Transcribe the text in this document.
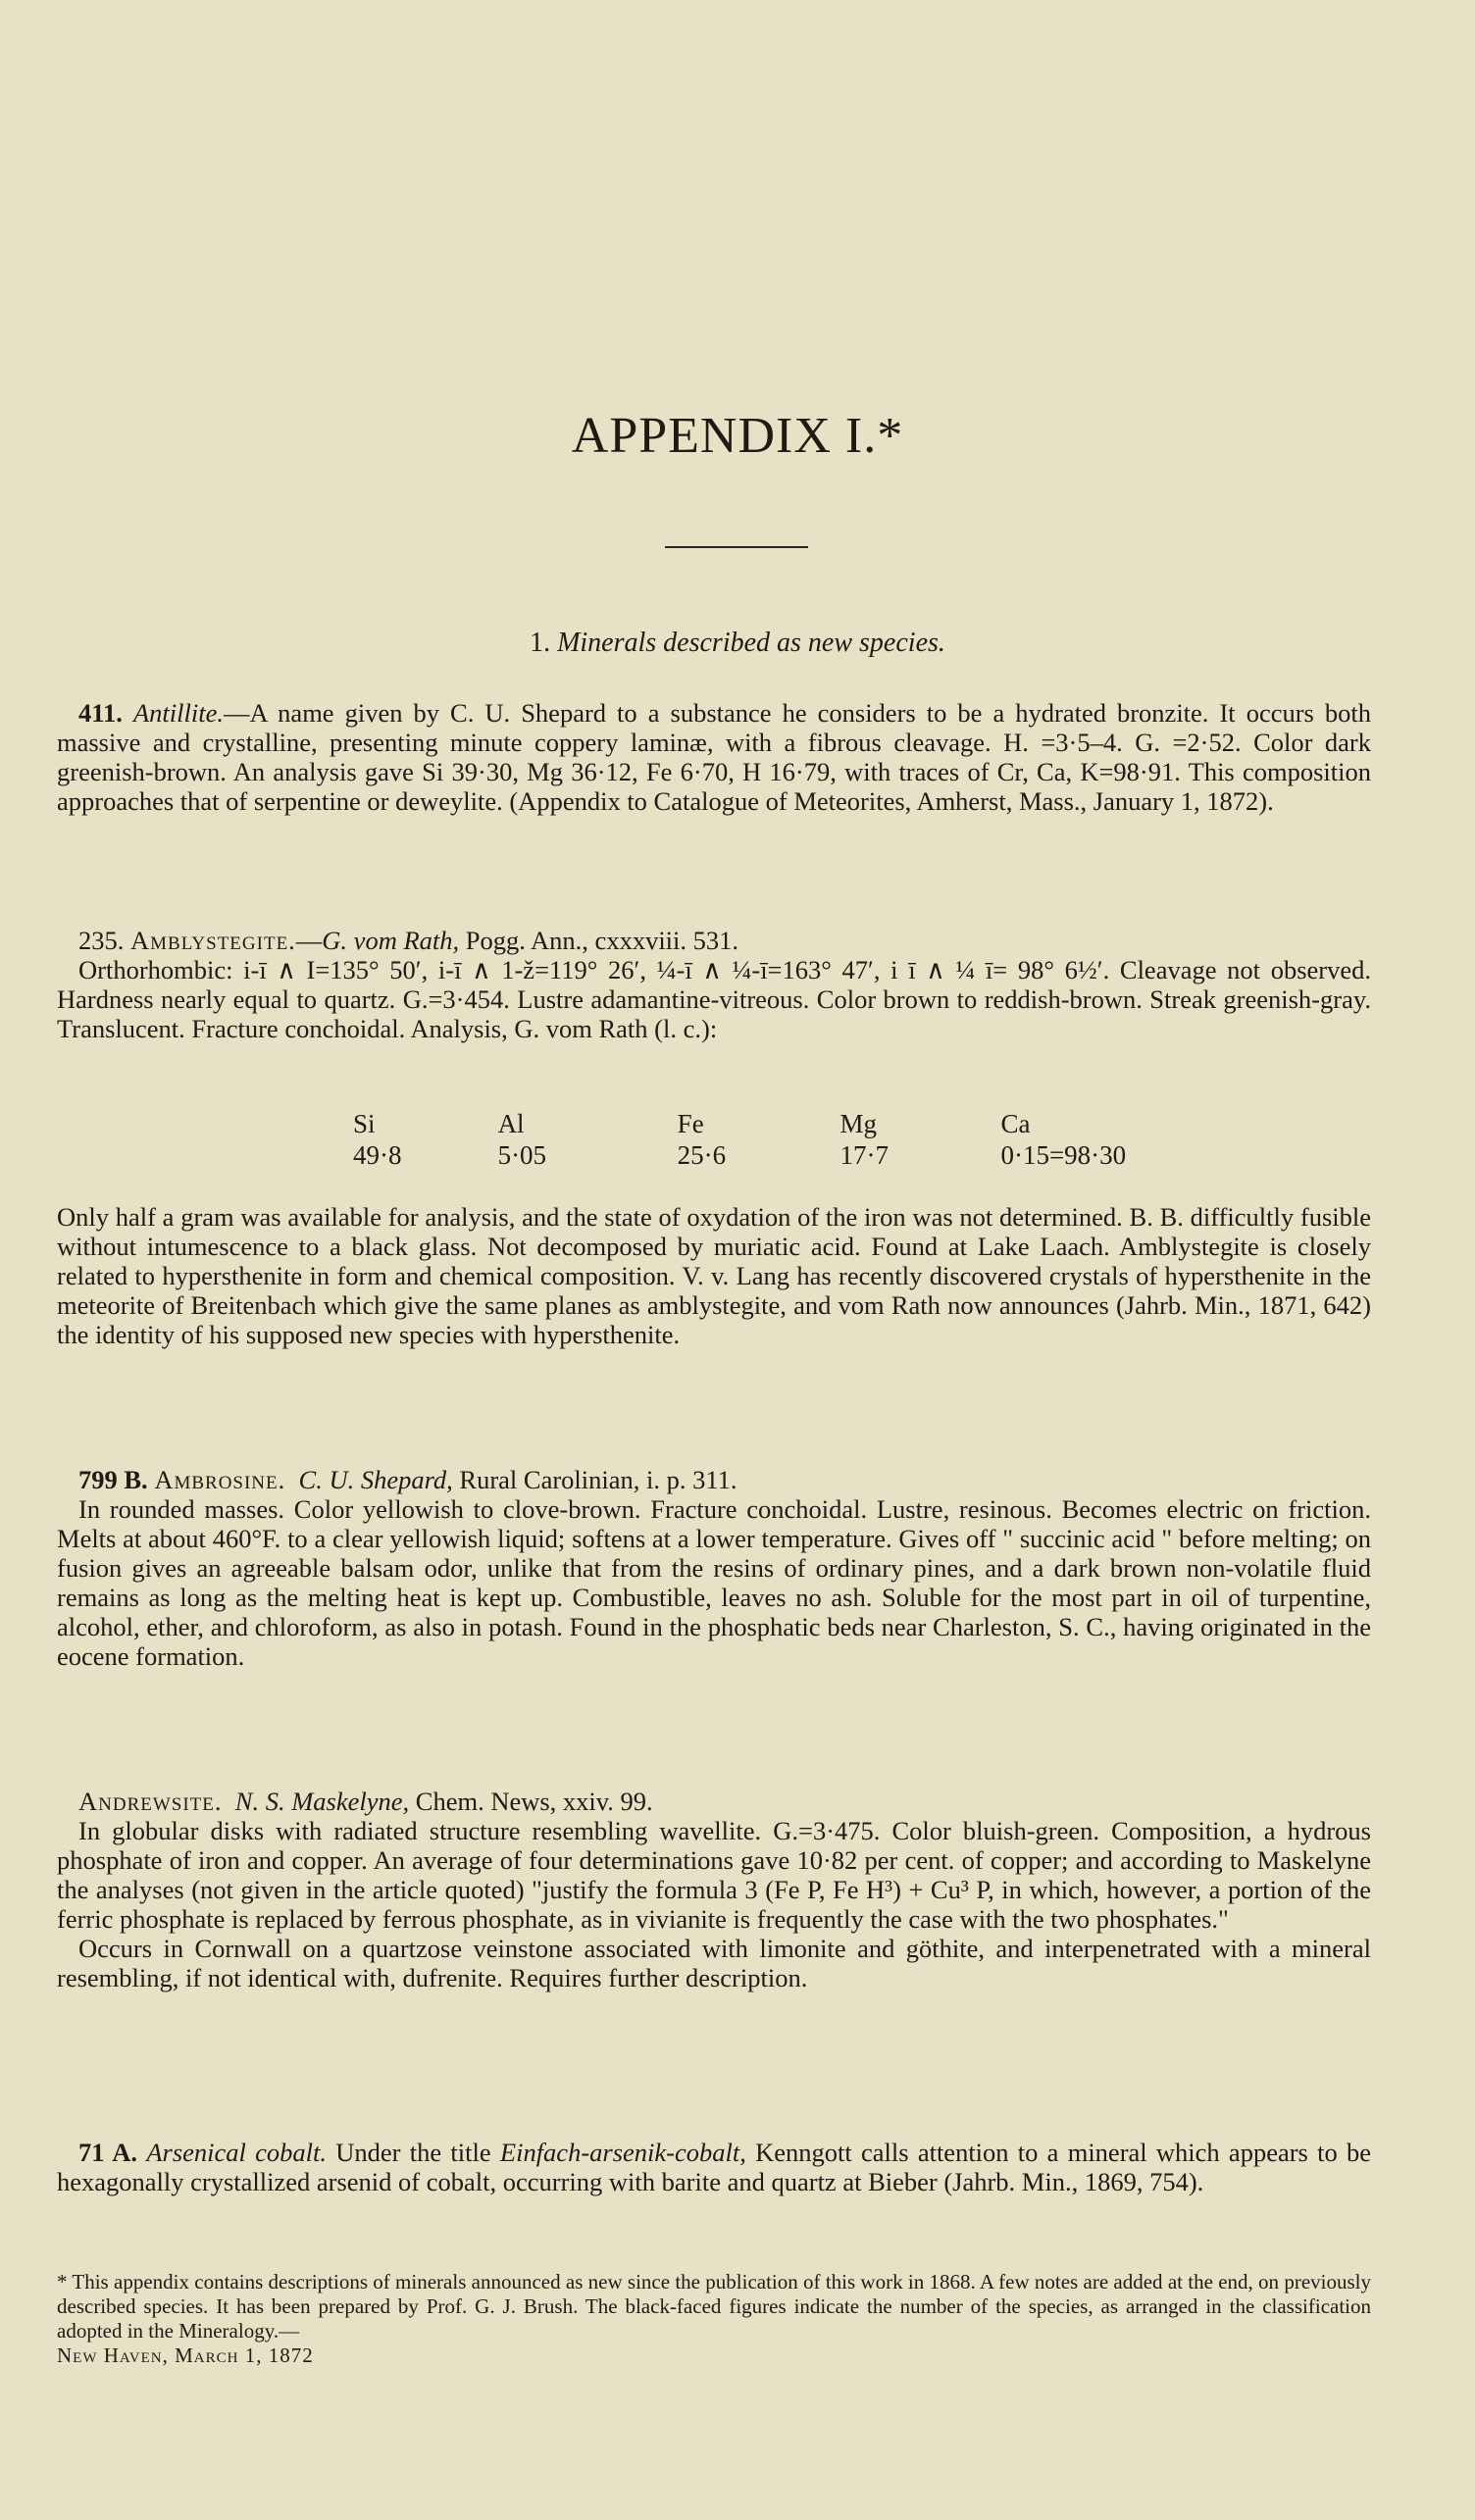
APPENDIX I.*
1. Minerals described as new species.

411. Antillite.—A name given by C. U. Shepard to a substance he considers to be a hydrated bronzite. It occurs both massive and crystalline, presenting minute coppery laminæ, with a fibrous cleavage. H. =3·5–4. G. =2·52. Color dark greenish-brown. An analysis gave Si 39·30, Mg 36·12, Fe 6·70, H 16·79, with traces of Cr, Ca, K=98·91. This composition approaches that of serpentine or deweylite. (Appendix to Catalogue of Meteorites, Amherst, Mass., January 1, 1872).

235. Amblystegite.—G. vom Rath, Pogg. Ann., cxxxviii. 531.

Orthorhombic: i-ī ∧ I=135° 50′, i-ī ∧ 1-ž=119° 26′, ¼-ī ∧ ¼-ī=163° 47′, i ī ∧ ¼ ī= 98° 6½′. Cleavage not observed. Hardness nearly equal to quartz. G.=3·454. Lustre adamantine-vitreous. Color brown to reddish-brown. Streak greenish-gray. Translucent. Fracture conchoidal. Analysis, G. vom Rath (l. c.):

Si	Al	Fe	Mg	Ca
49·8	5·05	25·6	17·7	0·15=98·30

Only half a gram was available for analysis, and the state of oxydation of the iron was not determined. B. B. difficultly fusible without intumescence to a black glass. Not decomposed by muriatic acid. Found at Lake Laach. Amblystegite is closely related to hypersthenite in form and chemical composition. V. v. Lang has recently discovered crystals of hypersthenite in the meteorite of Breitenbach which give the same planes as amblystegite, and vom Rath now announces (Jahrb. Min., 1871, 642) the identity of his supposed new species with hypersthenite.

799 B. Ambrosine. C. U. Shepard, Rural Carolinian, i. p. 311.

In rounded masses. Color yellowish to clove-brown. Fracture conchoidal. Lustre, resinous. Becomes electric on friction. Melts at about 460°F. to a clear yellowish liquid; softens at a lower temperature. Gives off " succinic acid " before melting; on fusion gives an agreeable balsam odor, unlike that from the resins of ordinary pines, and a dark brown non-volatile fluid remains as long as the melting heat is kept up. Combustible, leaves no ash. Soluble for the most part in oil of turpentine, alcohol, ether, and chloroform, as also in potash. Found in the phosphatic beds near Charleston, S. C., having originated in the eocene formation.

Andrewsite. N. S. Maskelyne, Chem. News, xxiv. 99.

In globular disks with radiated structure resembling wavellite. G.=3·475. Color bluish-green. Composition, a hydrous phosphate of iron and copper. An average of four determinations gave 10·82 per cent. of copper; and according to Maskelyne the analyses (not given in the article quoted) "justify the formula 3 (Fe P, Fe H³) + Cu³ P, in which, however, a portion of the ferric phosphate is replaced by ferrous phosphate, as in vivianite is frequently the case with the two phosphates."

Occurs in Cornwall on a quartzose veinstone associated with limonite and göthite, and interpenetrated with a mineral resembling, if not identical with, dufrenite. Requires further description.

71 A. Arsenical cobalt. Under the title Einfach-arsenik-cobalt, Kenngott calls attention to a mineral which appears to be hexagonally crystallized arsenid of cobalt, occurring with barite and quartz at Bieber (Jahrb. Min., 1869, 754).

* This appendix contains descriptions of minerals announced as new since the publication of this work in 1868. A few notes are added at the end, on previously described species. It has been prepared by Prof. G. J. Brush. The black-faced figures indicate the number of the species, as arranged in the classification adopted in the Mineralogy.—
New Haven, March 1, 1872
